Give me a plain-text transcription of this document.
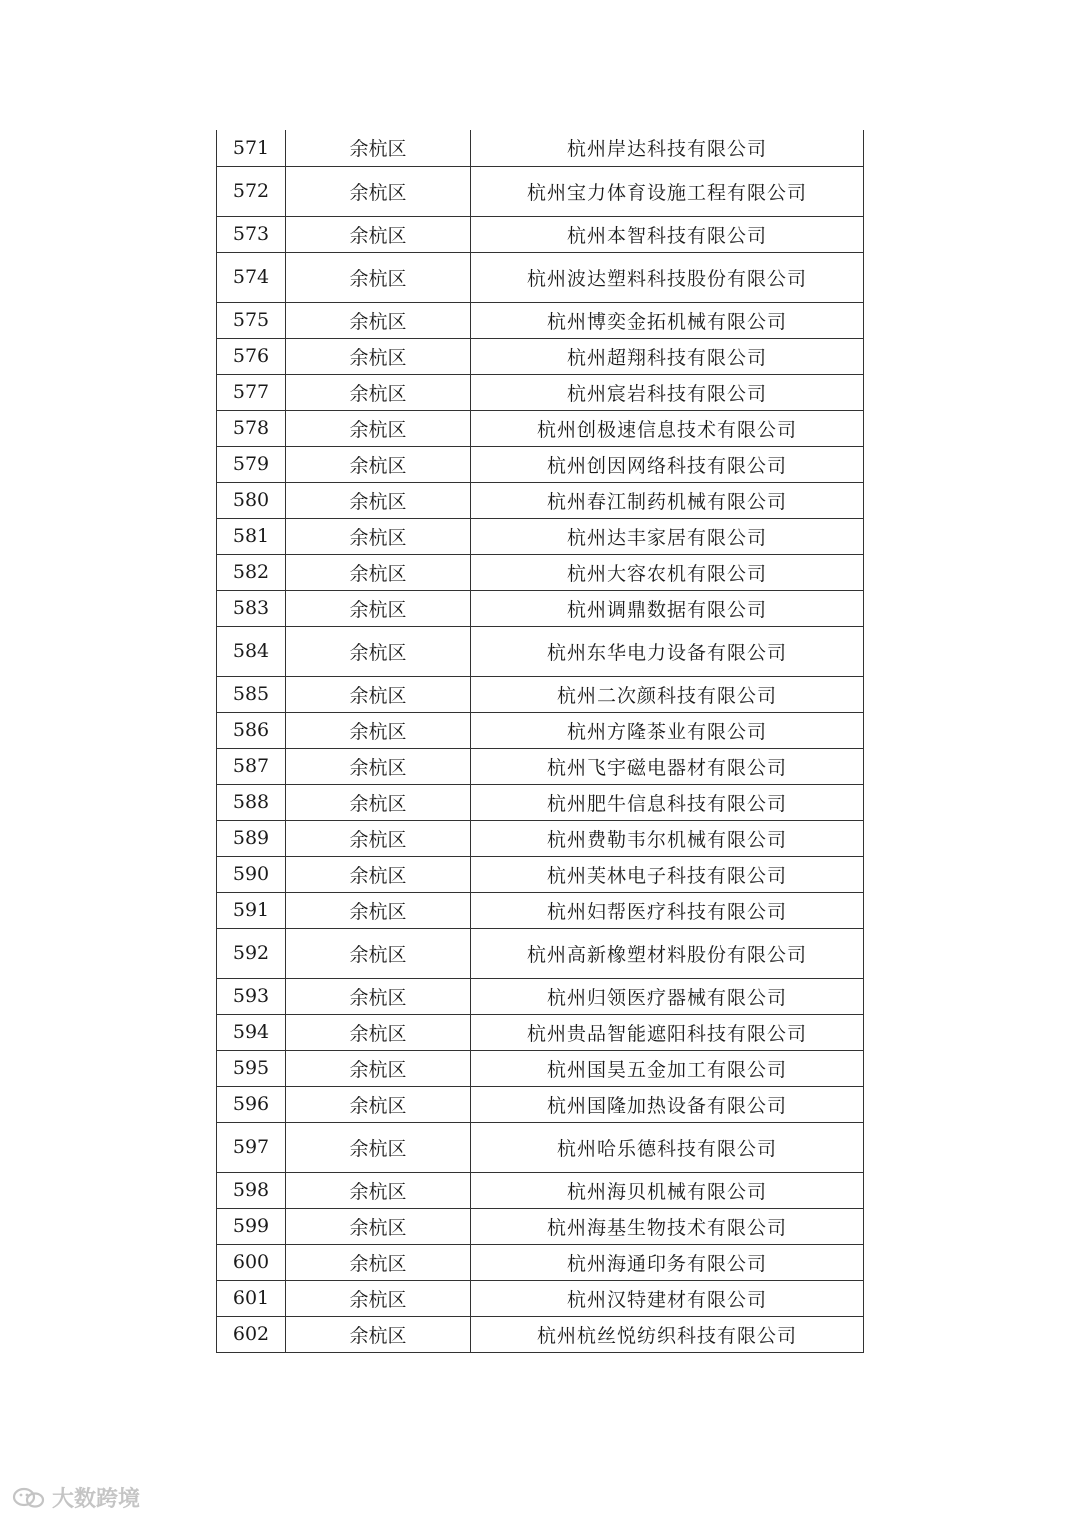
571	余杭区	杭州岸达科技有限公司
572	余杭区	杭州宝力体育设施工程有限公司
573	余杭区	杭州本智科技有限公司
574	余杭区	杭州波达塑料科技股份有限公司
575	余杭区	杭州博奕金拓机械有限公司
576	余杭区	杭州超翔科技有限公司
577	余杭区	杭州宸岩科技有限公司
578	余杭区	杭州创极速信息技术有限公司
579	余杭区	杭州创因网络科技有限公司
580	余杭区	杭州春江制药机械有限公司
581	余杭区	杭州达丰家居有限公司
582	余杭区	杭州大容农机有限公司
583	余杭区	杭州调鼎数据有限公司
584	余杭区	杭州东华电力设备有限公司
585	余杭区	杭州二次颜科技有限公司
586	余杭区	杭州方隆茶业有限公司
587	余杭区	杭州飞宇磁电器材有限公司
588	余杭区	杭州肥牛信息科技有限公司
589	余杭区	杭州费勒韦尔机械有限公司
590	余杭区	杭州芙林电子科技有限公司
591	余杭区	杭州妇帮医疗科技有限公司
592	余杭区	杭州高新橡塑材料股份有限公司
593	余杭区	杭州归领医疗器械有限公司
594	余杭区	杭州贵品智能遮阳科技有限公司
595	余杭区	杭州国昊五金加工有限公司
596	余杭区	杭州国隆加热设备有限公司
597	余杭区	杭州哈乐德科技有限公司
598	余杭区	杭州海贝机械有限公司
599	余杭区	杭州海基生物技术有限公司
600	余杭区	杭州海通印务有限公司
601	余杭区	杭州汉特建材有限公司
602	余杭区	杭州杭丝悦纺织科技有限公司
大数跨境
